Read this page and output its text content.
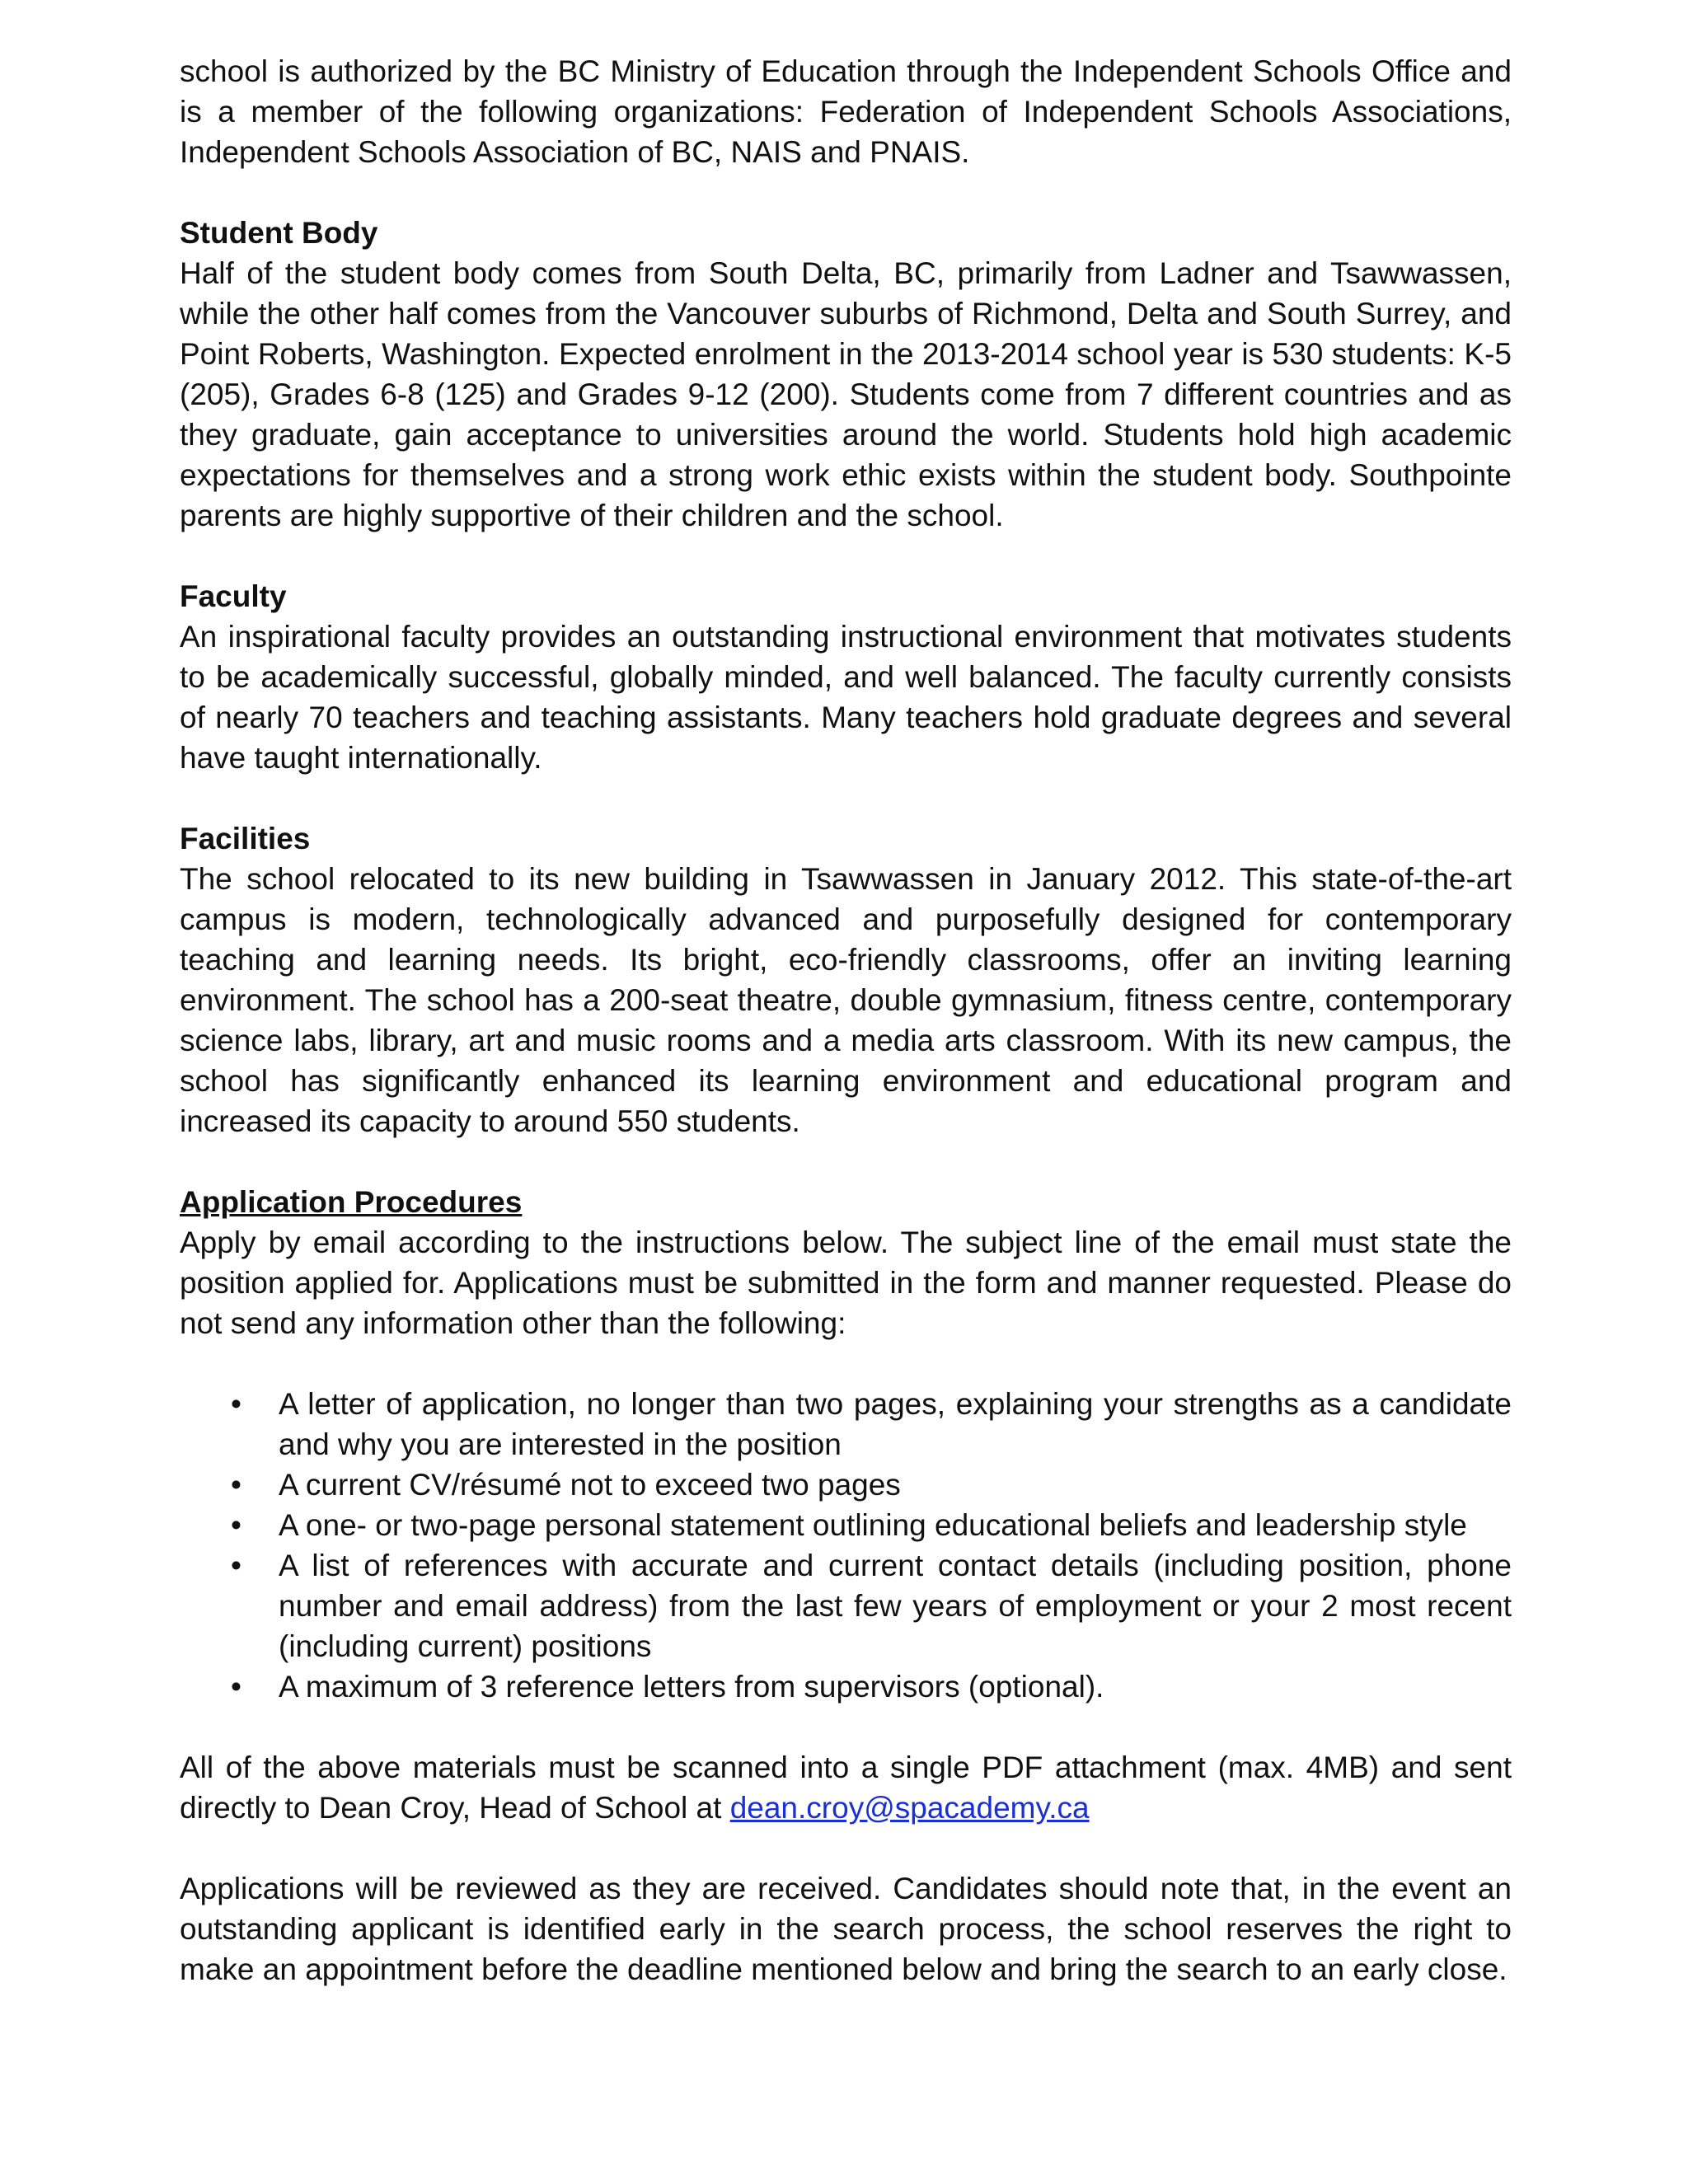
school is authorized by the BC Ministry of Education through the Independent Schools Office and is a member of the following organizations: Federation of Independent Schools Associations, Independent Schools Association of BC, NAIS and PNAIS.

Student Body
Half of the student body comes from South Delta, BC, primarily from Ladner and Tsawwassen, while the other half comes from the Vancouver suburbs of Richmond, Delta and South Surrey, and Point Roberts, Washington. Expected enrolment in the 2013-2014 school year is 530 students: K-5 (205), Grades 6-8 (125) and Grades 9-12 (200). Students come from 7 different countries and as they graduate, gain acceptance to universities around the world. Students hold high academic expectations for themselves and a strong work ethic exists within the student body. Southpointe parents are highly supportive of their children and the school.
Faculty
An inspirational faculty provides an outstanding instructional environment that motivates students to be academically successful, globally minded, and well balanced. The faculty currently consists of nearly 70 teachers and teaching assistants. Many teachers hold graduate degrees and several have taught internationally.
Facilities
The school relocated to its new building in Tsawwassen in January 2012. This state-of-the-art campus is modern, technologically advanced and purposefully designed for contemporary teaching and learning needs. Its bright, eco-friendly classrooms, offer an inviting learning environment. The school has a 200-seat theatre, double gymnasium, fitness centre, contemporary science labs, library, art and music rooms and a media arts classroom. With its new campus, the school has significantly enhanced its learning environment and educational program and increased its capacity to around 550 students.
Application Procedures
Apply by email according to the instructions below. The subject line of the email must state the position applied for. Applications must be submitted in the form and manner requested. Please do not send any information other than the following:
• A letter of application, no longer than two pages, explaining your strengths as a candidate and why you are interested in the position
• A current CV/résumé not to exceed two pages
• A one- or two-page personal statement outlining educational beliefs and leadership style
• A list of references with accurate and current contact details (including position, phone number and email address) from the last few years of employment or your 2 most recent (including current) positions
• A maximum of 3 reference letters from supervisors (optional).

All of the above materials must be scanned into a single PDF attachment (max. 4MB) and sent directly to Dean Croy, Head of School at dean.croy@spacademy.ca

Applications will be reviewed as they are received. Candidates should note that, in the event an outstanding applicant is identified early in the search process, the school reserves the right to make an appointment before the deadline mentioned below and bring the search to an early close.
